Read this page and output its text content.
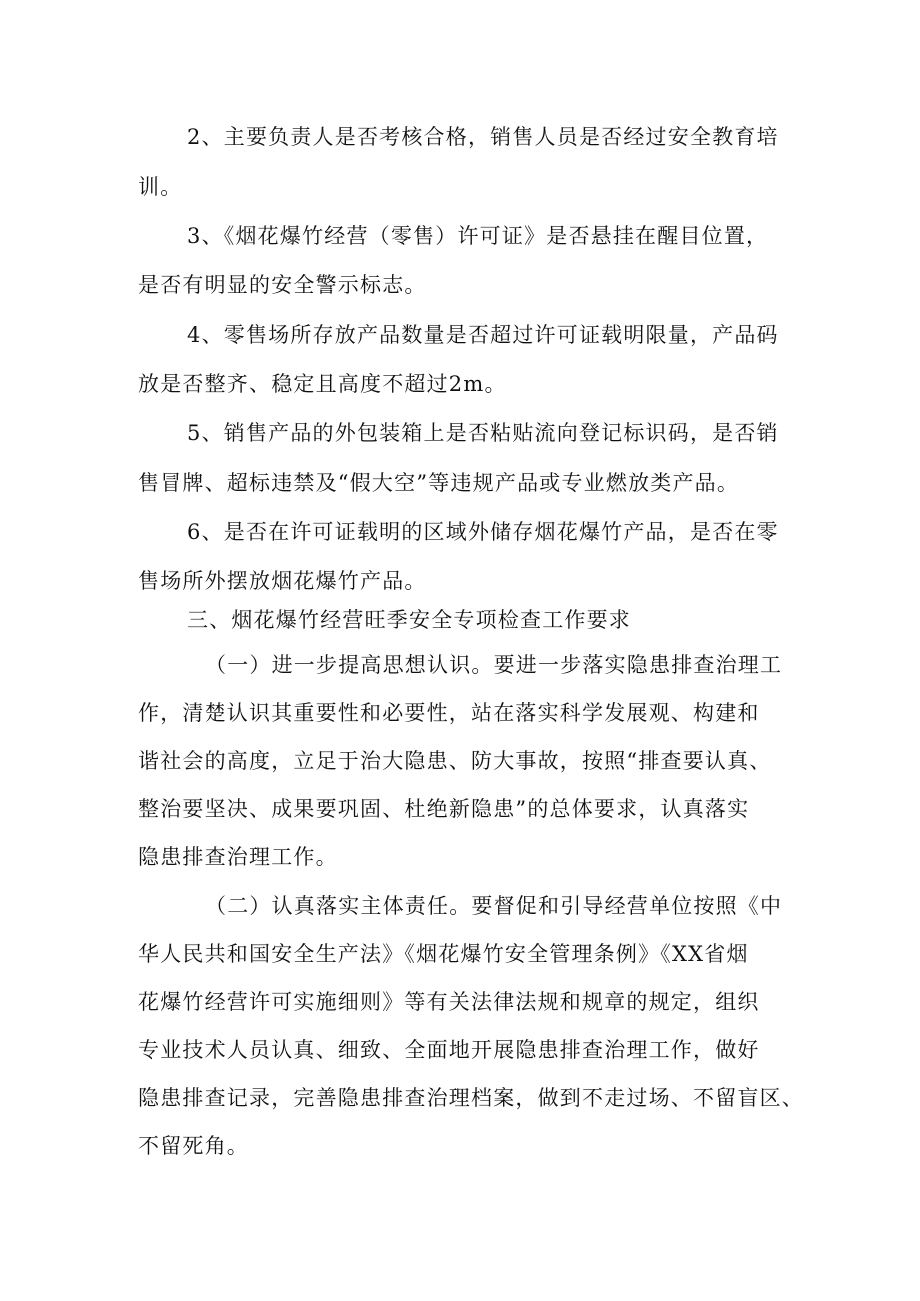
2、主要负责人是否考核合格，销售人员是否经过安全教育培
训。
3、《烟花爆竹经营（零售）许可证》是否悬挂在醒目位置，
是否有明显的安全警示标志。
4、零售场所存放产品数量是否超过许可证载明限量，产品码
放是否整齐、稳定且高度不超过2m。
5、销售产品的外包装箱上是否粘贴流向登记标识码，是否销
售冒牌、超标违禁及“假大空”等违规产品或专业燃放类产品。
6、是否在许可证载明的区域外储存烟花爆竹产品，是否在零
售场所外摆放烟花爆竹产品。
三、烟花爆竹经营旺季安全专项检查工作要求
（一）进一步提高思想认识。要进一步落实隐患排查治理工
作，清楚认识其重要性和必要性，站在落实科学发展观、构建和
谐社会的高度，立足于治大隐患、防大事故，按照“排查要认真、
整治要坚决、成果要巩固、杜绝新隐患”的总体要求，认真落实
隐患排查治理工作。
（二）认真落实主体责任。要督促和引导经营单位按照《中
华人民共和国安全生产法》《烟花爆竹安全管理条例》《XX省烟
花爆竹经营许可实施细则》等有关法律法规和规章的规定，组织
专业技术人员认真、细致、全面地开展隐患排查治理工作，做好
隐患排查记录，完善隐患排查治理档案，做到不走过场、不留盲区、
不留死角。
